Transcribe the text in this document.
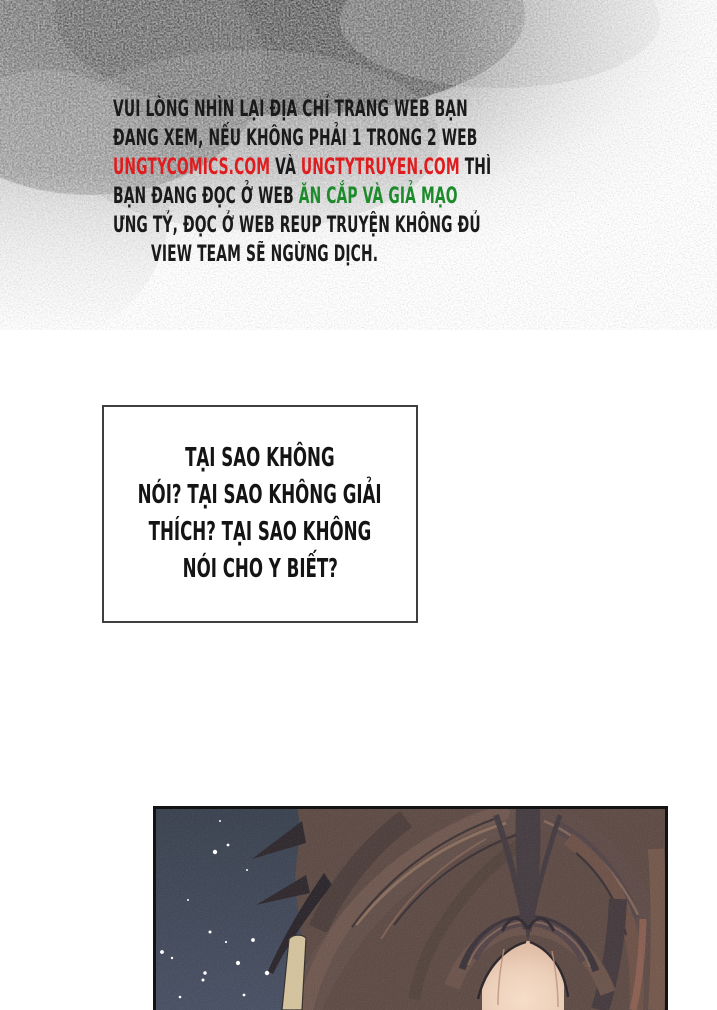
VUI LÒNG NHÌN LẠI ĐỊA CHỈ TRANG WEB BẠN
ĐANG XEM, NẾU KHÔNG PHẢI 1 TRONG 2 WEB
UNGTYCOMICS.COM VÀ UNGTYTRUYEN.COM THÌ
BẠN ĐANG ĐỌC Ở WEB ĂN CẮP VÀ GIẢ MẠO
ƯNG TỶ, ĐỌC Ở WEB REUP TRUYỆN KHÔNG ĐỦ
VIEW TEAM SẼ NGỪNG DỊCH.
TẠI SAO KHÔNG
NÓI? TẠI SAO KHÔNG GIẢI
THÍCH? TẠI SAO KHÔNG
NÓI CHO Y BIẾT?
